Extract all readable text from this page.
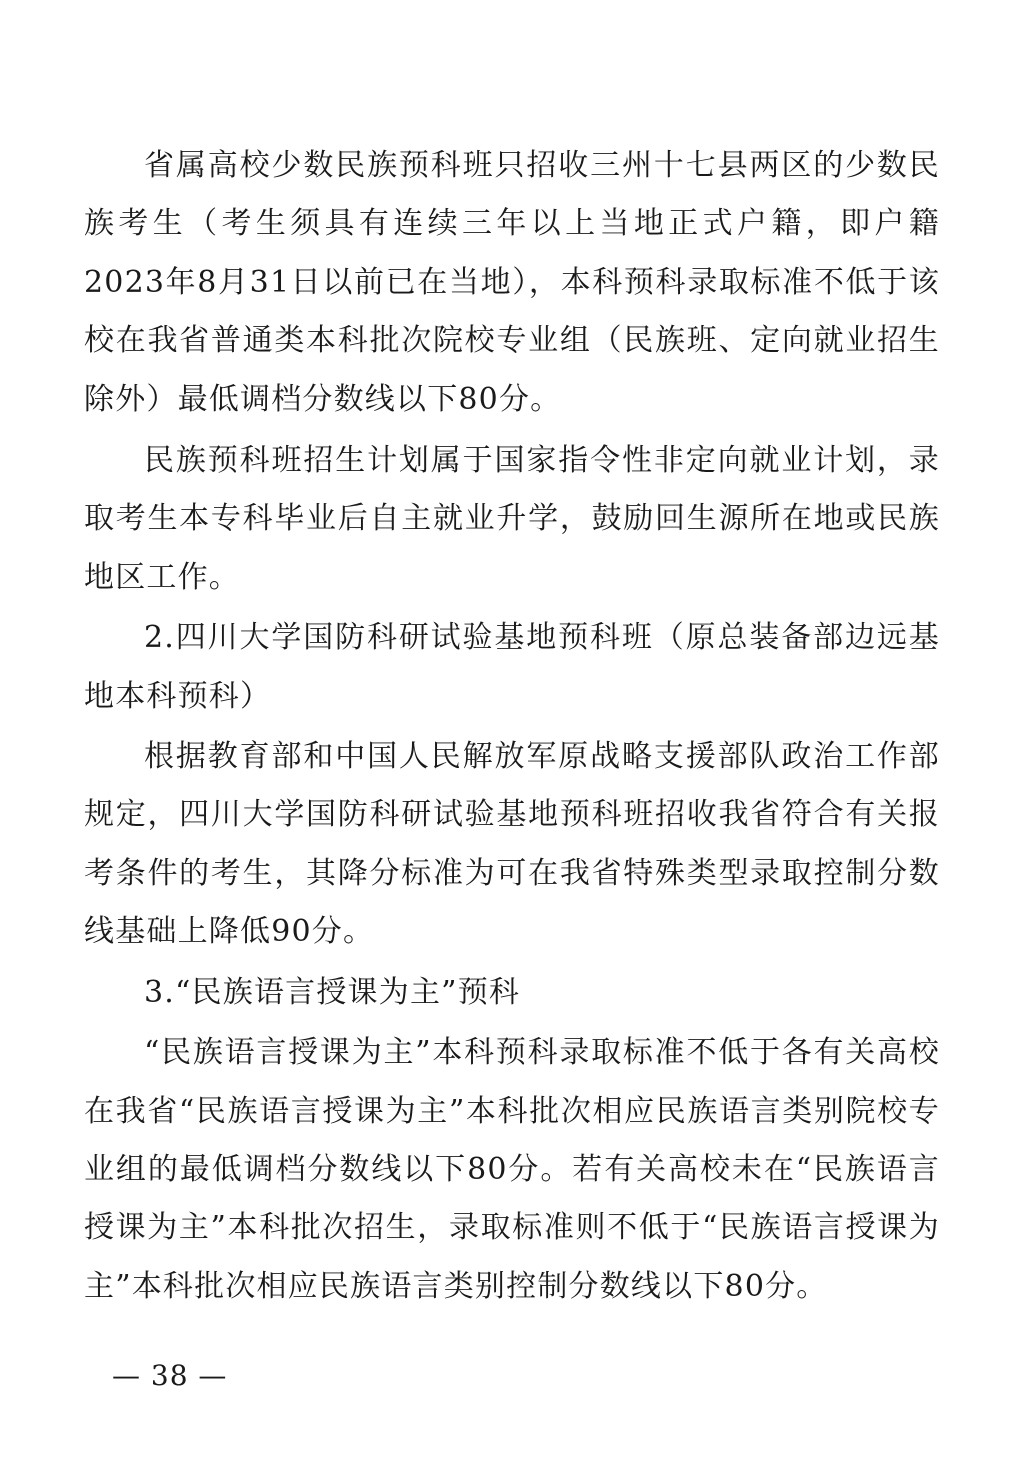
省属高校少数民族预科班只招收三州十七县两区的少数民族考生（考生须具有连续三年以上当地正式户籍，即户籍2023年8月31日以前已在当地），本科预科录取标准不低于该校在我省普通类本科批次院校专业组（民族班、定向就业招生除外）最低调档分数线以下80分。

民族预科班招生计划属于国家指令性非定向就业计划，录取考生本专科毕业后自主就业升学，鼓励回生源所在地或民族地区工作。

2.四川大学国防科研试验基地预科班（原总装备部边远基地本科预科）

根据教育部和中国人民解放军原战略支援部队政治工作部规定，四川大学国防科研试验基地预科班招收我省符合有关报考条件的考生，其降分标准为可在我省特殊类型录取控制分数线基础上降低90分。

3.“民族语言授课为主”预科

“民族语言授课为主”本科预科录取标准不低于各有关高校在我省“民族语言授课为主”本科批次相应民族语言类别院校专业组的最低调档分数线以下80分。若有关高校未在“民族语言授课为主”本科批次招生，录取标准则不低于“民族语言授课为主”本科批次相应民族语言类别控制分数线以下80分。

— 38 —
